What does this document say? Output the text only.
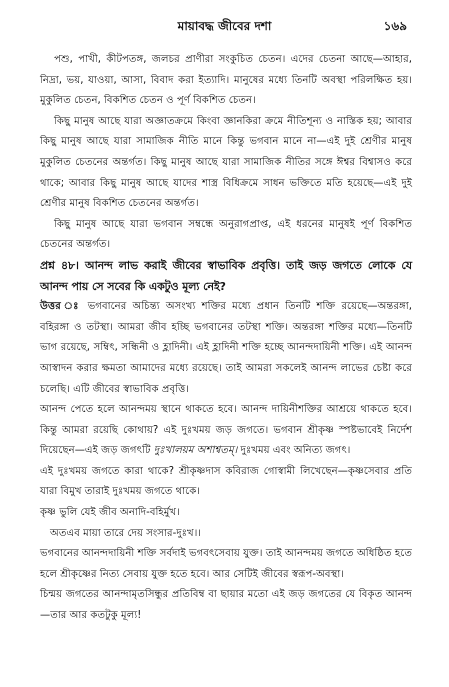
মায়াবদ্ধ জীবের দশা	১৬৯

পশু, পাখী, কীটপতঙ্গ, জলচর প্রাণীরা সংকুচিত চেতন। এদের চেতনা আছে—আহার, নিদ্রা, ভয়, যাওয়া, আসা, বিবাদ করা ইত্যাদি। মানুষের মধ্যে তিনটি অবস্থা পরিলক্ষিত হয়। মুকুলিত চেতন, বিকশিত চেতন ও পূর্ণ বিকশিত চেতন।

কিছু মানুষ আছে যারা অজ্ঞাতক্রমে কিংবা জ্ঞানকিরা ক্রমে নীতিশূন্য ও নাস্তিক হয়; আবার কিছু মানুষ আছে যারা সামাজিক নীতি মানে কিন্তু ভগবান মানে না—এই দুই শ্রেণীর মানুষ মুকুলিত চেতনের অন্তর্গত। কিছু মানুষ আছে যারা সামাজিক নীতির সঙ্গে ঈশ্বর বিশ্বাসও করে থাকে; আবার কিছু মানুষ আছে যাদের শাস্ত্র বিধিক্রমে সাধন ভক্তিতে মতি হয়েছে—এই দুই শ্রেণীর মানুষ বিকশিত চেতনের অন্তর্গত।

কিছু মানুষ আছে যারা ভগবান সম্বন্ধে অনুরাগপ্রাপ্ত, এই ধরনের মানুষই পূর্ণ বিকশিত চেতনের অন্তর্গত।

প্রশ্ন ৪৮। আনন্দ লাভ করাই জীবের স্বাভাবিক প্রবৃত্তি। তাই জড় জগতে লোকে যে আনন্দ পায় সে সবের কি একটুও মূল্য নেই?

উত্তর ঃ ভগবানের অচিন্ত্য অসংখ্য শক্তির মধ্যে প্রধান তিনটি শক্তি রয়েছে—অন্তরঙ্গা, বহিরঙ্গা ও তটস্থা। আমরা জীব হচ্ছি ভগবানের তটস্থা শক্তি। অন্তরঙ্গা শক্তির মধ্যে—তিনটি ভাগ রয়েছে, সম্বিৎ, সন্ধিনী ও হ্লাদিনী। এই হ্লাদিনী শক্তি হচ্ছে আনন্দদায়িনী শক্তি। এই আনন্দ আস্বাদন করার ক্ষমতা আমাদের মধ্যে রয়েছে। তাই আমরা সকলেই আনন্দ লাভের চেষ্টা করে চলেছি। এটি জীবের স্বাভাবিক প্রবৃত্তি।

আনন্দ পেতে হলে আনন্দময় স্থানে থাকতে হবে। আনন্দ দায়িনীশক্তির আশ্রয়ে থাকতে হবে। কিন্তু আমরা রয়েছি কোথায়? এই দুঃখময় জড় জগতে। ভগবান শ্রীকৃষ্ণ স্পষ্টভাবেই নির্দেশ দিয়েছেন—এই জড় জগৎটি দুঃখালয়ম অশাশ্বতম্‌। দুঃখময় এবং অনিত্য জগৎ।

এই দুঃখময় জগতে কারা থাকে? শ্রীকৃষ্ণদাস কবিরাজ গোস্বামী লিখেছেন—কৃষ্ণসেবার প্রতি যারা বিমুখ তারাই দুঃখময় জগতে থাকে।

কৃষ্ণ ভুলি যেই জীব অনাদি-বহির্মুখ।

অতএব মায়া তারে দেয় সংসার-দুঃখ।।

ভগবানের আনন্দদায়িনী শক্তি সর্বদাই ভগবৎসেবায় যুক্ত। তাই আনন্দময় জগতে অধিষ্ঠিত হতে হলে শ্রীকৃষ্ণের নিত্য সেবায় যুক্ত হতে হবে। আর সেটিই জীবের স্বরূপ-অবস্থা।

চিন্ময় জগতের আনন্দামৃতসিন্ধুর প্রতিবিম্ব বা ছায়ার মতো এই জড় জগতের যে বিকৃত আনন্দ—তার আর কতটুকু মূল্য!
